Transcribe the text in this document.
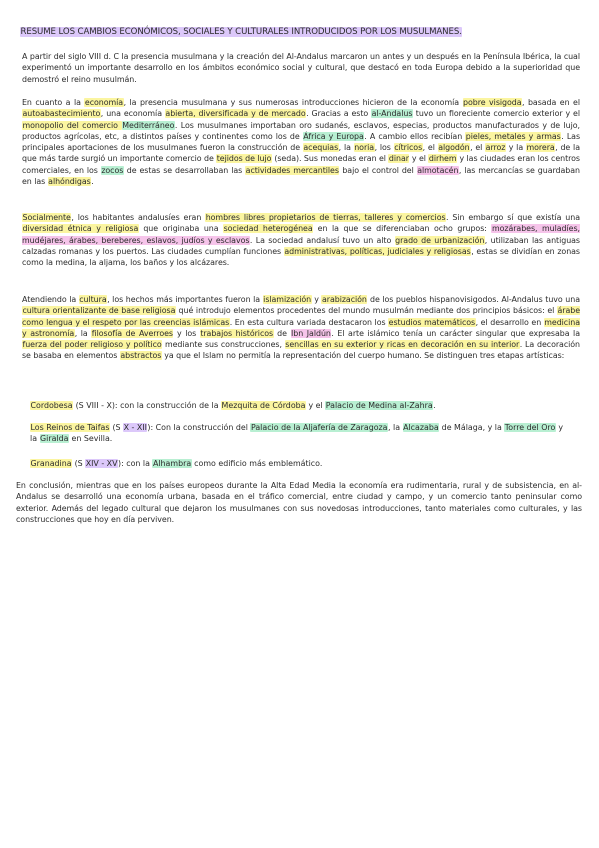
RESUME LOS CAMBIOS ECONÓMICOS, SOCIALES Y CULTURALES INTRODUCIDOS POR LOS MUSULMANES.

A partir del siglo VIII d. C la presencia musulmana y la creación del Al-Andalus marcaron un antes y un después en la Península Ibérica, la cual experimentó un importante desarrollo en los ámbitos económico social y cultural, que destacó en toda Europa debido a la superioridad que demostró el reino musulmán.

En cuanto a la economía, la presencia musulmana y sus numerosas introducciones hicieron de la economía pobre visigoda, basada en el autoabastecimiento, una economía abierta, diversificada y de mercado. Gracias a esto al-Andalus tuvo un floreciente comercio exterior y el monopolio del comercio Mediterráneo. Los musulmanes importaban oro sudanés, esclavos, especias, productos manufacturados y de lujo, productos agrícolas, etc, a distintos países y continentes como los de África y Europa. A cambio ellos recibían pieles, metales y armas. Las principales aportaciones de los musulmanes fueron la construcción de acequias, la noria, los cítricos, el algodón, el arroz y la morera, de la que más tarde surgió un importante comercio de tejidos de lujo (seda). Sus monedas eran el dinar y el dirhem y las ciudades eran los centros comerciales, en los zocos de estas se desarrollaban las actividades mercantiles bajo el control del almotacén, las mercancías se guardaban en las alhóndigas.

Socialmente, los habitantes andalusíes eran hombres libres propietarios de tierras, talleres y comercios. Sin embargo sí que existía una diversidad étnica y religiosa que originaba una sociedad heterogénea en la que se diferenciaban ocho grupos: mozárabes, muladíes, mudéjares, árabes, bereberes, eslavos, judíos y esclavos. La sociedad andalusí tuvo un alto grado de urbanización, utilizaban las antiguas calzadas romanas y los puertos. Las ciudades cumplían funciones administrativas, políticas, judiciales y religiosas, estas se dividían en zonas como la medina, la aljama, los baños y los alcázares.

Atendiendo la cultura, los hechos más importantes fueron la islamización y arabización de los pueblos hispanovisigodos. Al-Andalus tuvo una cultura orientalizante de base religiosa qué introdujo elementos procedentes del mundo musulmán mediante dos principios básicos: el árabe como lengua y el respeto por las creencias islámicas. En esta cultura variada destacaron los estudios matemáticos, el desarrollo en medicina y astronomía, la filosofía de Averroes y los trabajos históricos de Ibn Jaldún. El arte islámico tenía un carácter singular que expresaba la fuerza del poder religioso y político mediante sus construcciones, sencillas en su exterior y ricas en decoración en su interior. La decoración se basaba en elementos abstractos ya que el Islam no permitía la representación del cuerpo humano. Se distinguen tres etapas artísticas:

Cordobesa (S VIII - X): con la construcción de la Mezquita de Córdoba y el Palacio de Medina al-Zahra.

Los Reinos de Taifas (S X - XII): Con la construcción del Palacio de la Aljafería de Zaragoza, la Alcazaba de Málaga, y la Torre del Oro y la Giralda en Sevilla.

Granadina (S XIV - XV): con la Alhambra como edificio más emblemático.

En conclusión, mientras que en los países europeos durante la Alta Edad Media la economía era rudimentaria, rural y de subsistencia, en al-Andalus se desarrolló una economía urbana, basada en el tráfico comercial, entre ciudad y campo, y un comercio tanto peninsular como exterior. Además del legado cultural que dejaron los musulmanes con sus novedosas introducciones, tanto materiales como culturales, y las construcciones que hoy en día perviven.
